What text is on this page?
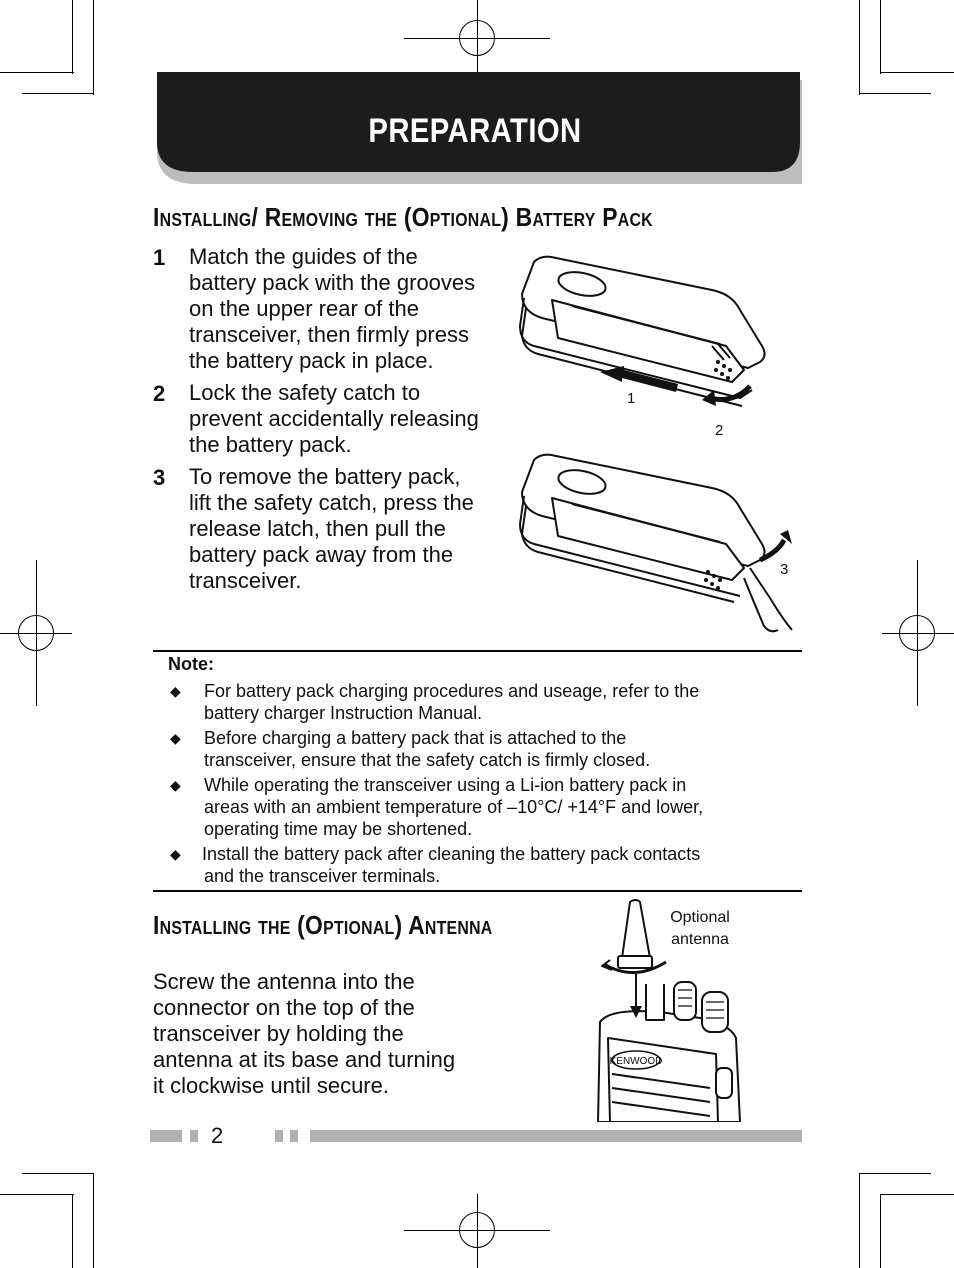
PREPARATION
Installing/ Removing the (Optional) Battery Pack
1 Match the guides of the
battery pack with the grooves
on the upper rear of the
transceiver, then firmly press
the battery pack in place.
2 Lock the safety catch to
prevent accidentally releasing
the battery pack.
3 To remove the battery pack,
lift the safety catch, press the
release latch, then pull the
battery pack away from the
transceiver.
1
2
3
Note:
◆ For battery pack charging procedures and useage, refer to the
battery charger Instruction Manual.
◆ Before charging a battery pack that is attached to the
transceiver, ensure that the safety catch is firmly closed.
◆ While operating the transceiver using a Li-ion battery pack in
areas with an ambient temperature of –10°C/ +14°F and lower,
operating time may be shortened.
◆ Install the battery pack after cleaning the battery pack contacts
and the transceiver terminals.
Installing the (Optional) Antenna
Screw the antenna into the
connector on the top of the
transceiver by holding the
antenna at its base and turning
it clockwise until secure.
Optional
antenna
KENWOOD
2
